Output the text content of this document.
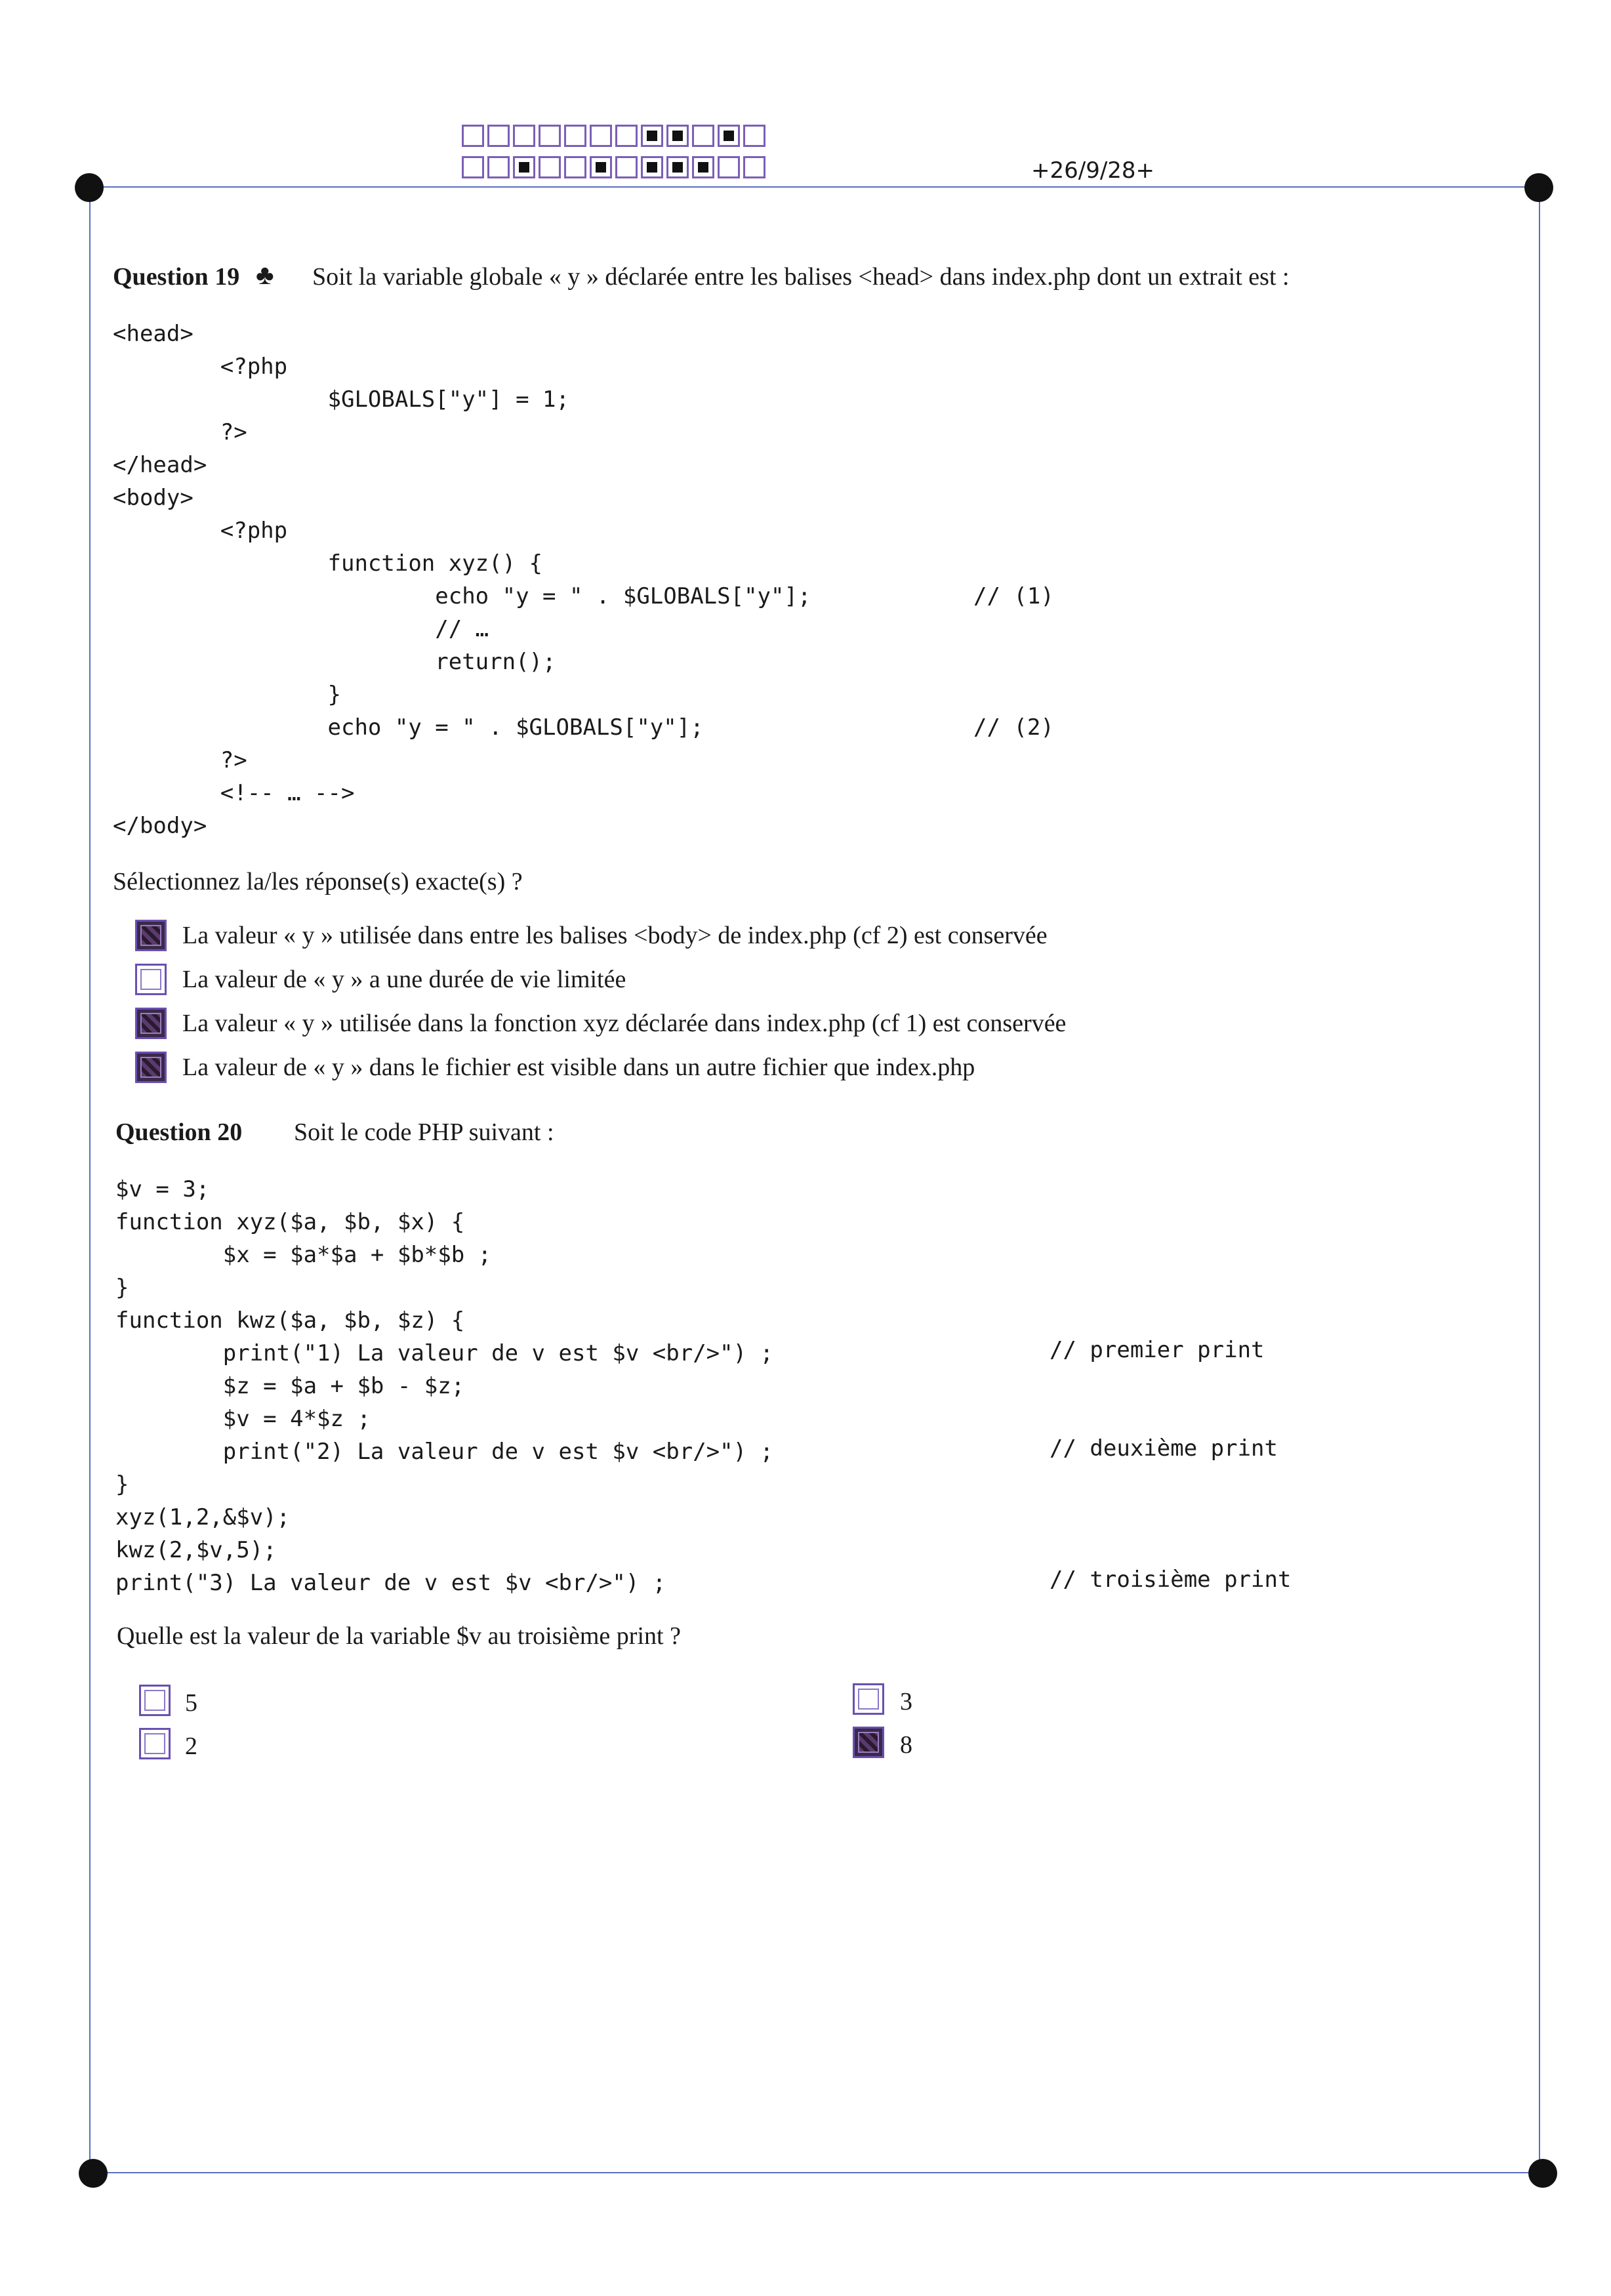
+26/9/28+
Question 19 ♣ Soit la variable globale « y » déclarée entre les balises <head> dans index.php dont un extrait est :
<head>
<?php
$GLOBALS["y"] = 1;
?>
</head>
<body>
<?php
function xyz() {
echo "y = " . $GLOBALS["y"];
// …
return();
}
echo "y = " . $GLOBALS["y"];
?>
<!-- … -->
</body>
// (1)
// (2)
Sélectionnez la/les réponse(s) exacte(s) ?
La valeur « y » utilisée dans entre les balises <body> de index.php (cf 2) est conservée
La valeur de « y » a une durée de vie limitée
La valeur « y » utilisée dans la fonction xyz déclarée dans index.php (cf 1) est conservée
La valeur de « y » dans le fichier est visible dans un autre fichier que index.php
Question 20 Soit le code PHP suivant :
$v = 3;
function xyz($a, $b, $x) {
$x = $a*$a + $b*$b ;
}
function kwz($a, $b, $z) {
print("1) La valeur de v est $v <br/>") ;
$z = $a + $b - $z;
$v = 4*$z ;
print("2) La valeur de v est $v <br/>") ;
}
xyz(1,2,&$v);
kwz(2,$v,5);
print("3) La valeur de v est $v <br/>") ;
// premier print
// deuxième print
// troisième print
Quelle est la valeur de la variable $v au troisième print ?
5
2
3
8
